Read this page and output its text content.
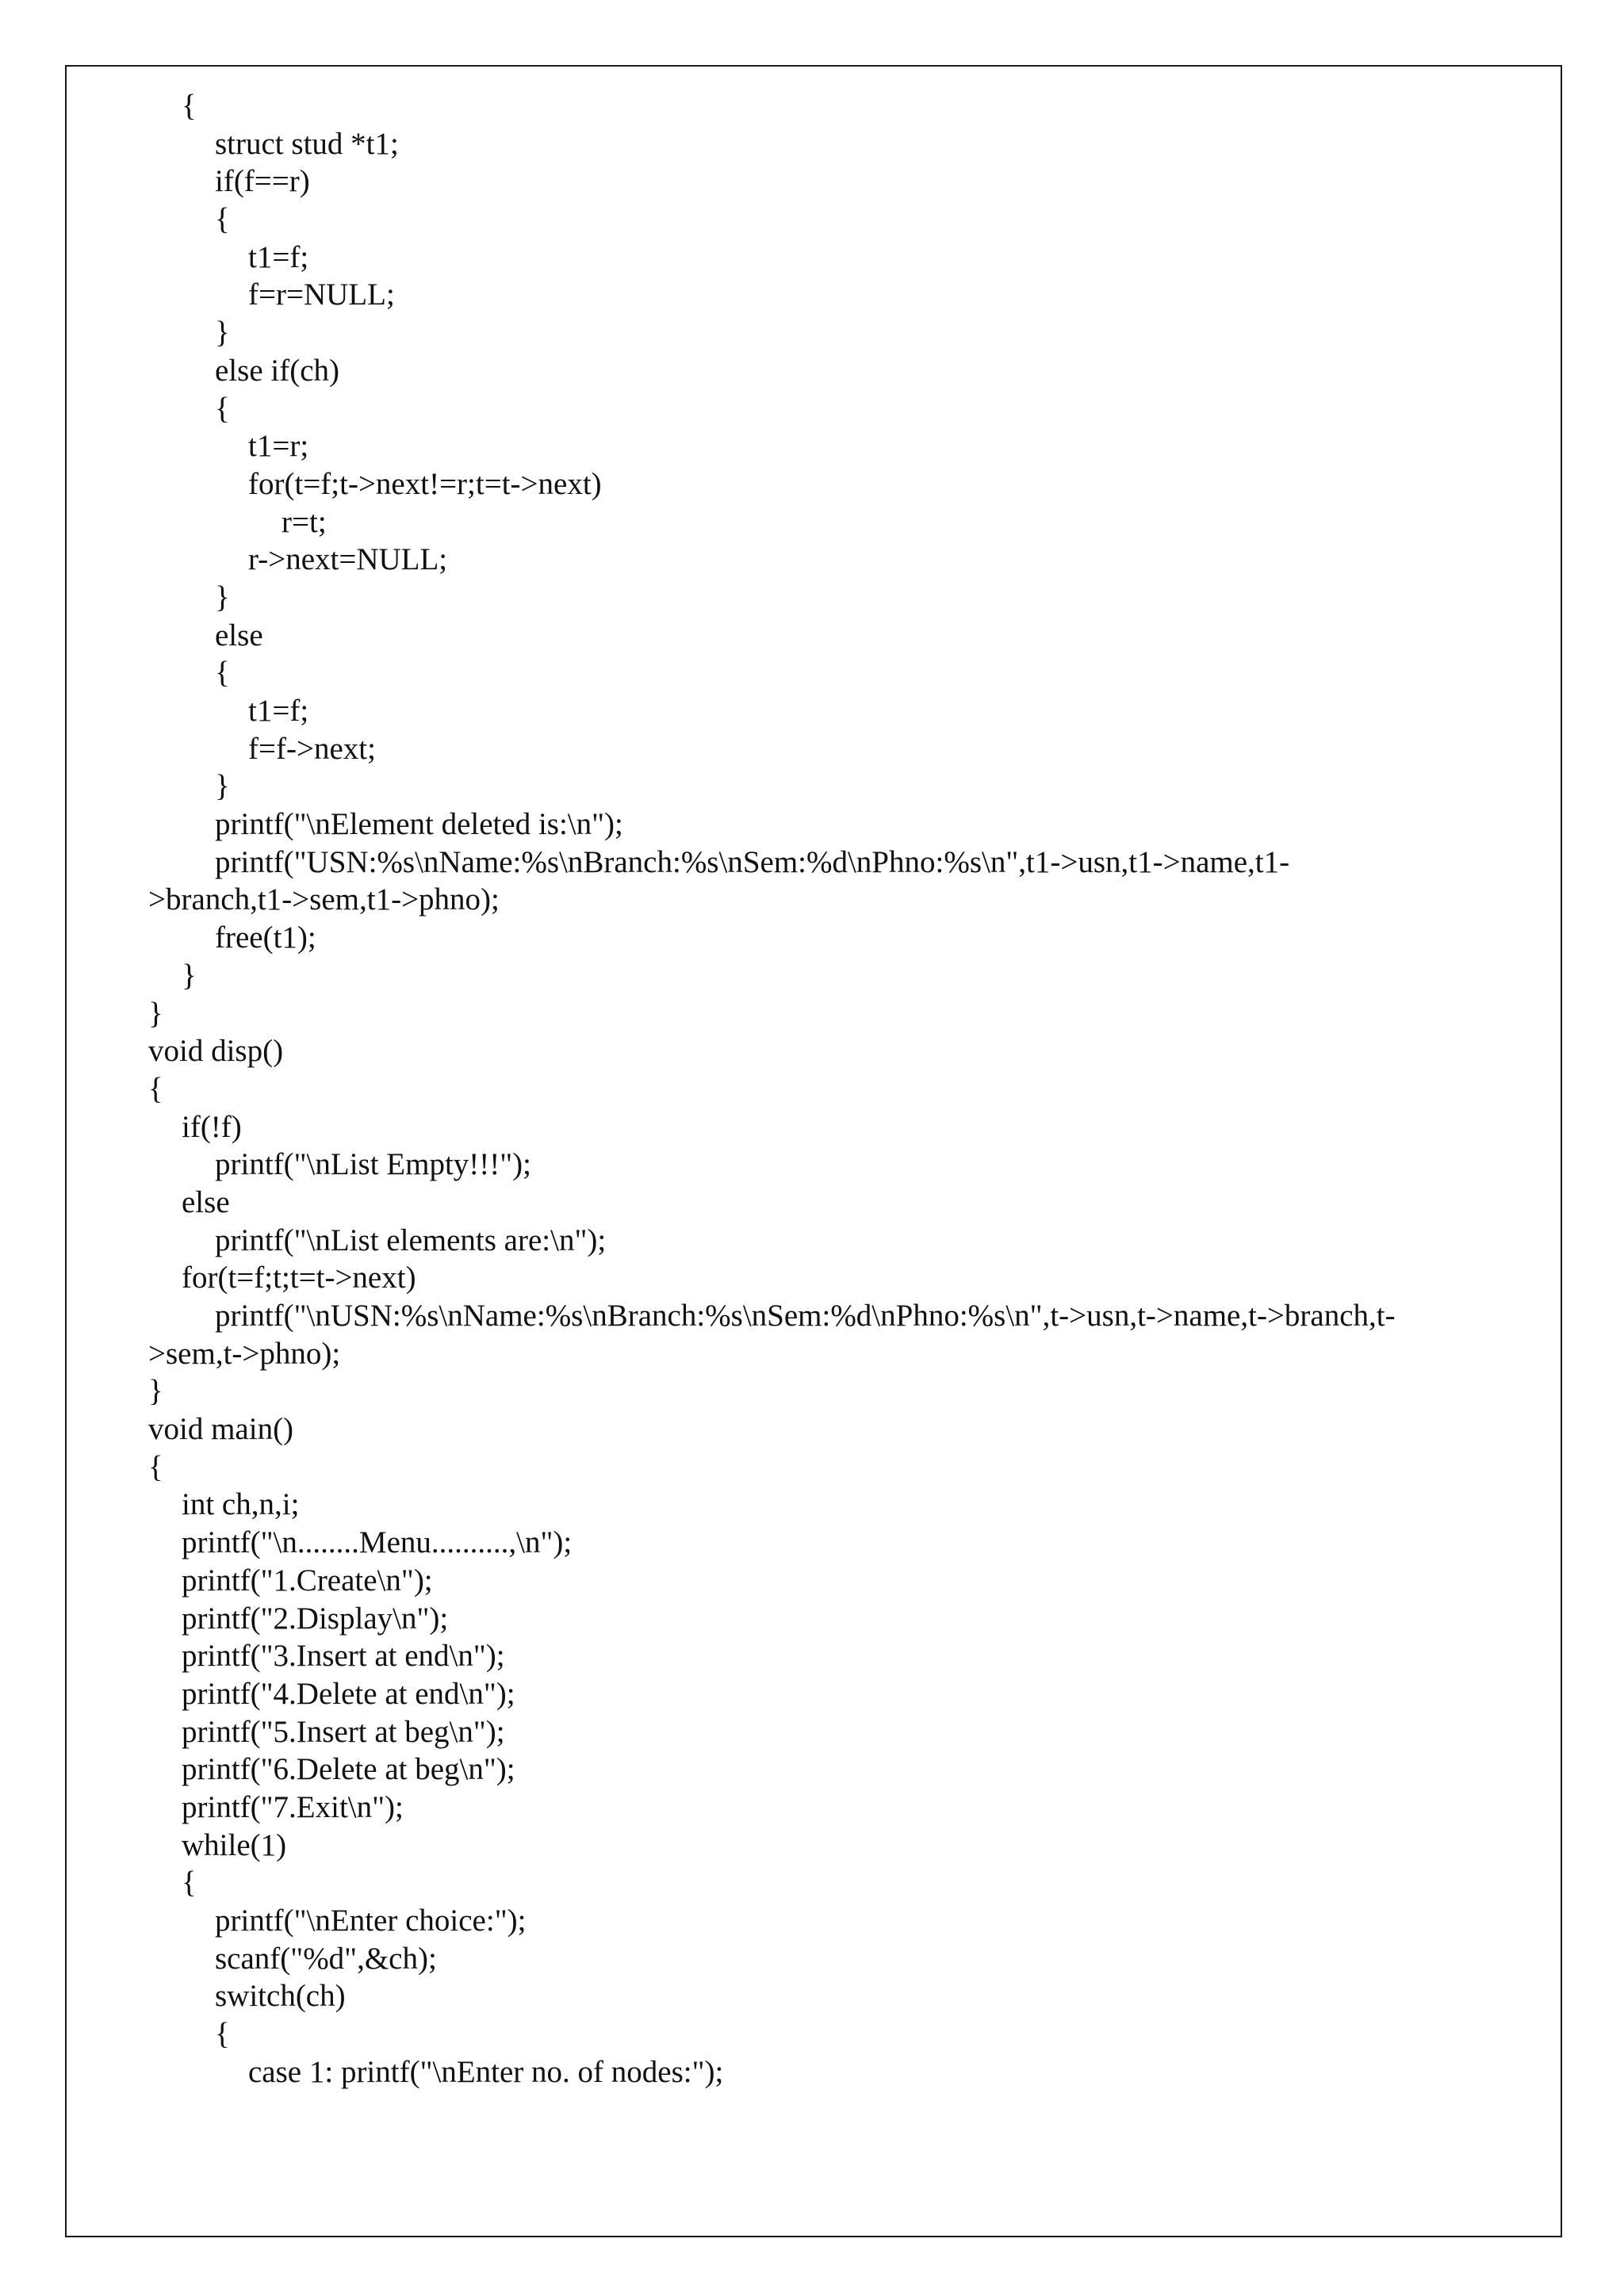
{
struct stud *t1;
if(f==r)
{
t1=f;
f=r=NULL;
}
else if(ch)
{
t1=r;
for(t=f;t->next!=r;t=t->next)
r=t;
r->next=NULL;
}
else
{
t1=f;
f=f->next;
}
printf("\nElement deleted is:\n");
printf("USN:%s\nName:%s\nBranch:%s\nSem:%d\nPhno:%s\n",t1->usn,t1->name,t1-
>branch,t1->sem,t1->phno);
free(t1);
}
}
void disp()
{
if(!f)
printf("\nList Empty!!!");
else
printf("\nList elements are:\n");
for(t=f;t;t=t->next)
printf("\nUSN:%s\nName:%s\nBranch:%s\nSem:%d\nPhno:%s\n",t->usn,t->name,t->branch,t-
>sem,t->phno);
}
void main()
{
int ch,n,i;
printf("\n........Menu..........,\n");
printf("1.Create\n");
printf("2.Display\n");
printf("3.Insert at end\n");
printf("4.Delete at end\n");
printf("5.Insert at beg\n");
printf("6.Delete at beg\n");
printf("7.Exit\n");
while(1)
{
printf("\nEnter choice:");
scanf("%d",&ch);
switch(ch)
{
case 1: printf("\nEnter no. of nodes:");
